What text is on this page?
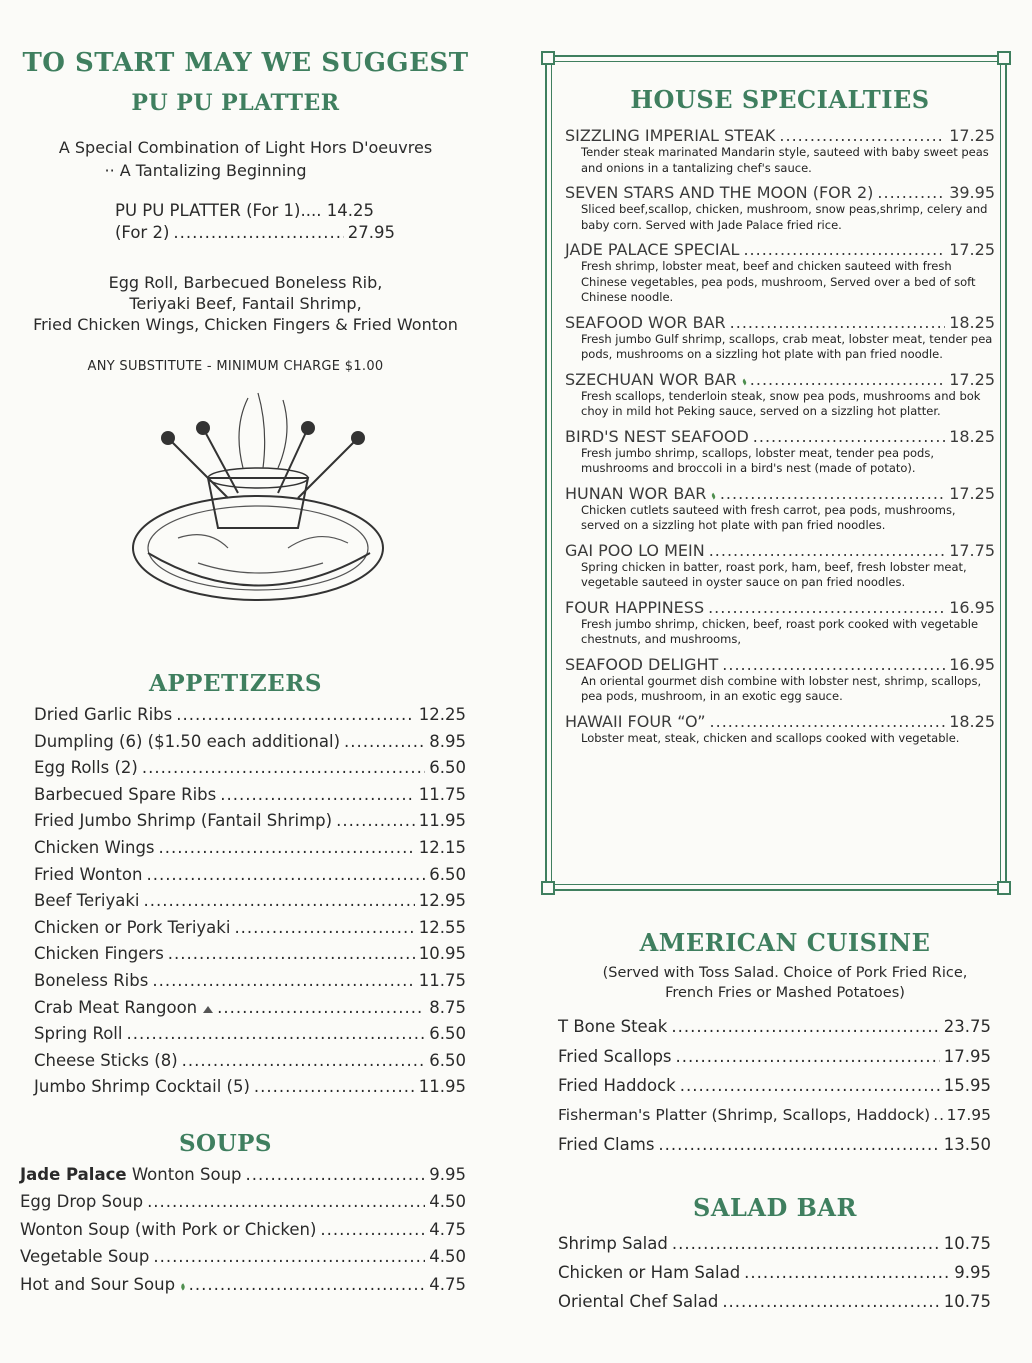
TO START MAY WE SUGGEST
PU PU PLATTER
A Special Combination of Light Hors D'oeuvres
·· A Tantalizing Beginning
PU PU PLATTER (For 1).... 14.25
(For 2) .....	27.95
Egg Roll, Barbecued Boneless Rib,
Teriyaki Beef, Fantail Shrimp,
Fried Chicken Wings, Chicken Fingers & Fried Wonton
ANY SUBSTITUTE - MINIMUM CHARGE $1.00
APPETIZERS
Dried Garlic Ribs .....	12.25
Dumpling (6) ($1.50 each additional) .....	8.95
Egg Rolls (2) .....	6.50
Barbecued Spare Ribs .....	11.75
Fried Jumbo Shrimp (Fantail Shrimp) .....	11.95
Chicken Wings .....	12.15
Fried Wonton .....	6.50
Beef Teriyaki .....	12.95
Chicken or Pork Teriyaki .....	12.55
Chicken Fingers .....	10.95
Boneless Ribs .....	11.75
Crab Meat Rangoon .....	8.75
Spring Roll .....	6.50
Cheese Sticks (8) .....	6.50
Jumbo Shrimp Cocktail (5) .....	11.95
SOUPS
Jade Palace Wonton Soup .....	9.95
Egg Drop Soup .....	4.50
Wonton Soup (with Pork or Chicken) .....	4.75
Vegetable Soup .....	4.50
Hot and Sour Soup .....	4.75
HOUSE SPECIALTIES
SIZZLING IMPERIAL STEAK .....	17.25
Tender steak marinated Mandarin style, sauteed with baby sweet peas and onions in a tantalizing chef's sauce.
SEVEN STARS AND THE MOON (FOR 2) .....	39.95
Sliced beef,scallop, chicken, mushroom, snow peas,shrimp, celery and baby corn. Served with Jade Palace fried rice.
JADE PALACE SPECIAL .....	17.25
Fresh shrimp, lobster meat, beef and chicken sauteed with fresh Chinese vegetables, pea pods, mushroom, Served over a bed of soft Chinese noodle.
SEAFOOD WOR BAR .....	18.25
Fresh jumbo Gulf shrimp, scallops, crab meat, lobster meat, tender pea pods, mushrooms on a sizzling hot plate with pan fried noodle.
SZECHUAN WOR BAR .....	17.25
Fresh scallops, tenderloin steak, snow pea pods, mushrooms and bok choy in mild hot Peking sauce, served on a sizzling hot platter.
BIRD'S NEST SEAFOOD .....	18.25
Fresh jumbo shrimp, scallops, lobster meat, tender pea pods, mushrooms and broccoli in a bird's nest (made of potato).
HUNAN WOR BAR .....	17.25
Chicken cutlets sauteed with fresh carrot, pea pods, mushrooms, served on a sizzling hot plate with pan fried noodles.
GAI POO LO MEIN .....	17.75
Spring chicken in batter, roast pork, ham, beef, fresh lobster meat, vegetable sauteed in oyster sauce on pan fried noodles.
FOUR HAPPINESS .....	16.95
Fresh jumbo shrimp, chicken, beef, roast pork cooked with vegetable chestnuts, and mushrooms,
SEAFOOD DELIGHT .....	16.95
An oriental gourmet dish combine with lobster nest, shrimp, scallops, pea pods, mushroom, in an exotic egg sauce.
HAWAII FOUR “O” .....	18.25
Lobster meat, steak, chicken and scallops cooked with vegetable.
AMERICAN CUISINE
(Served with Toss Salad. Choice of Pork Fried Rice,
French Fries or Mashed Potatoes)
T Bone Steak .....	23.75
Fried Scallops .....	17.95
Fried Haddock .....	15.95
Fisherman's Platter (Shrimp, Scallops, Haddock) ..... 17.95
Fried Clams .....	13.50
SALAD BAR
Shrimp Salad .....	10.75
Chicken or Ham Salad .....	9.95
Oriental Chef Salad .....	10.75
